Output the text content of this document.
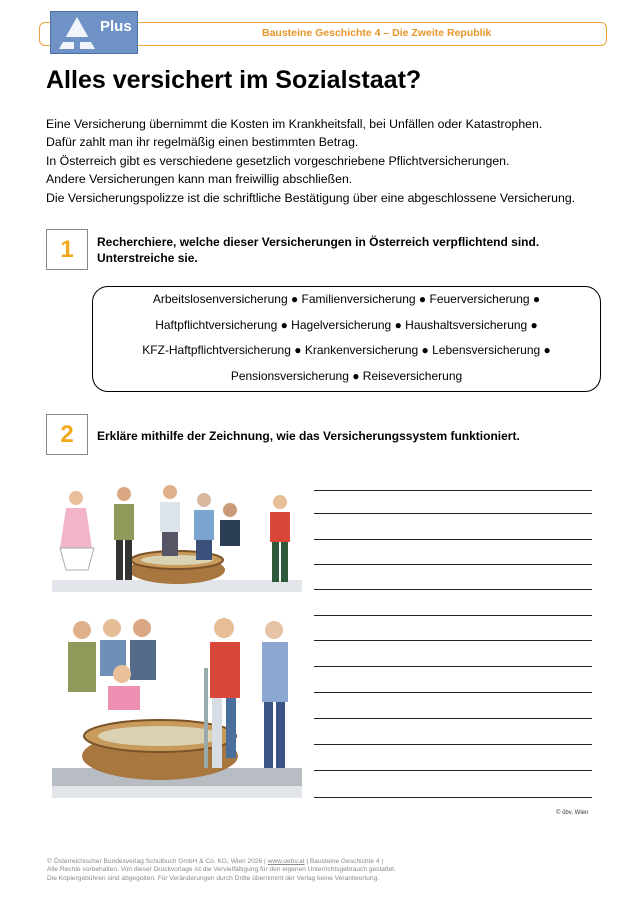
Plus	Bausteine Geschichte 4 – Die Zweite Republik
Alles versichert im Sozialstaat?
Eine Versicherung übernimmt die Kosten im Krankheitsfall, bei Unfällen oder Katastrophen.
Dafür zahlt man ihr regelmäßig einen bestimmten Betrag.
In Österreich gibt es verschiedene gesetzlich vorgeschriebene Pflichtversicherungen.
Andere Versicherungen kann man freiwillig abschließen.
Die Versicherungspolizze ist die schriftliche Bestätigung über eine abgeschlossene Versicherung.
1	Recherchiere, welche dieser Versicherungen in Österreich verpflichtend sind.
Unterstreiche sie.
Arbeitslosenversicherung ● Familienversicherung ● Feuerversicherung ●
Haftpflichtversicherung ● Hagelversicherung ● Haushaltsversicherung ●
KFZ-Haftpflichtversicherung ● Krankenversicherung ● Lebensversicherung ●
Pensionsversicherung ● Reiseversicherung
2	Erkläre mithilfe der Zeichnung, wie das Versicherungssystem funktioniert.
© öbv, Wien
© Österreichischer Bundesverlag Schulbuch GmbH & Co. KG, Wien 2026 | www.oebv.at | Bausteine Geschichte 4 |
Alle Rechte vorbehalten. Von dieser Druckvorlage ist die Vervielfältigung für den eigenen Unterrichtsgebrauch gestattet.
Die Kopiergebühren sind abgegolten. Für Veränderungen durch Dritte übernimmt der Verlag keine Verantwortung.
